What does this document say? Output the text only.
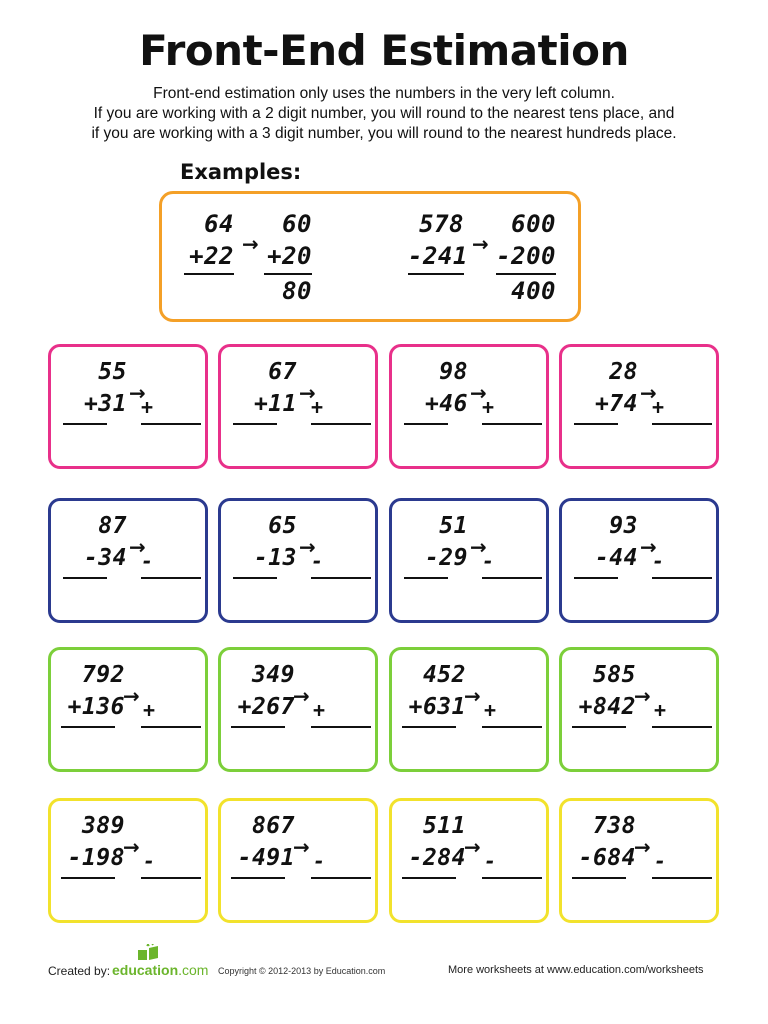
Front-End Estimation
Front-end estimation only uses the numbers in the very left column.
If you are working with a 2 digit number, you will round to the nearest tens place, and
if you are working with a 3 digit number, you will round to the nearest hundreds place.
Examples:
64
+22 →
60
+20
80
578
-241 →
600
-200
400
55
+31 →
+
67
+11 →
+
98
+46 →
+
28
+74 →
+
87
-34 →
-
65
-13 →
-
51
-29 →
-
93
-44 →
-
792
+136
→
+
349
+267
→
+
452
+631
→
+
585
+842
→
+
389
-198
→
-
867
-491
→
-
511
-284
→
-
738
-684
→
-
Created by: education.com Copyright © 2012-2013 by Education.com	More worksheets at www.education.com/worksheets
